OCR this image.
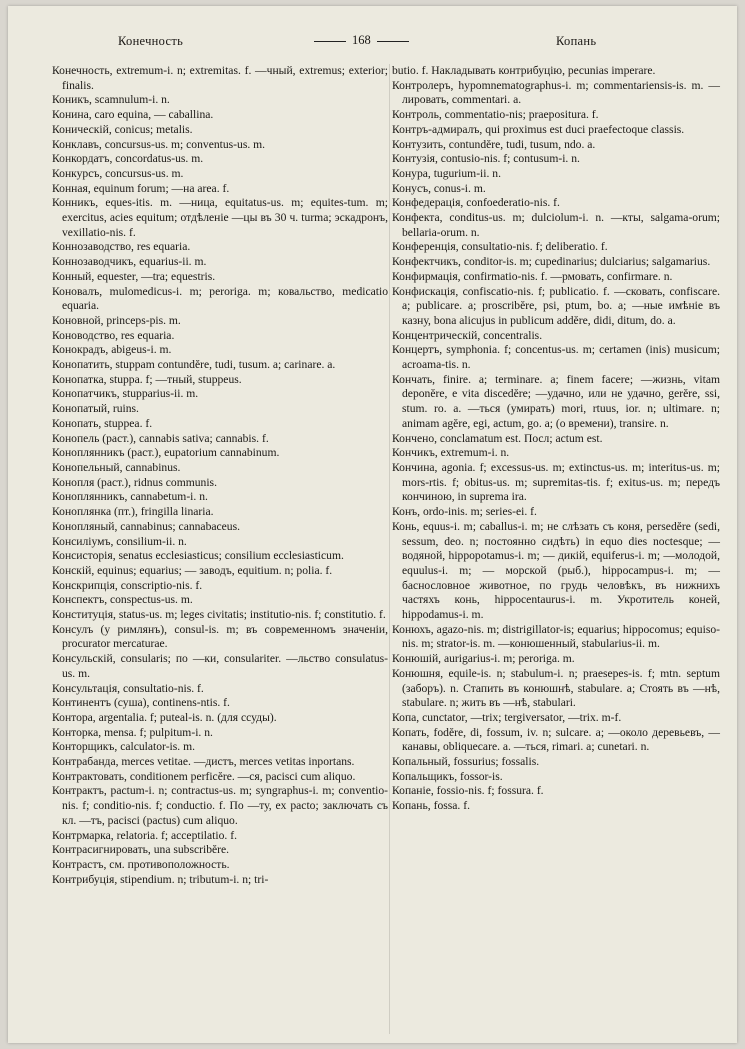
Конечность	168	Копань

Конечность, extremum-i. n; extremitas. f. —чный, extremus; exterior; finalis.

Коникъ, scamnulum-i. n.

Конина, caro equina, — caballina.

Коническій, conicus; metalis.

Конклавъ, concursus-us. m; conventus-us. m.

Конкордатъ, concordatus-us. m.

Конкурсъ, concursus-us. m.

Конная, equinum forum; —на area. f.

Конникъ, eques-itis. m. —ница, equitatus-us. m; equites-tum. m; exercitus, acies equitum; отдѣленіе —цы въ 30 ч. turma; эскадронъ, vexillatio-nis. f.

Коннозаводство, res equaria.

Коннозаводчикъ, equarius-ii. m.

Конный, equester, —tra; equestris.

Коновалъ, mulomedicus-i. m; peroriga. m; ковальство, medicatio equaria.

Коновной, princeps-pis. m.

Коноводство, res equaria.

Конокрадъ, abigeus-i. m.

Конопатить, stuppam contundĕre, tudi, tusum. a; carinare. a.

Конопатка, stuppa. f; —тный, stuppeus.

Конопатчикъ, stupparius-ii. m.

Конопатый, ruins.

Конопать, stuppea. f.

Конопель (раст.), cannabis sativa; cannabis. f.

Коноплянникъ (раст.), eupatorium cannabinum.

Конопельный, cannabinus.

Конопля (раст.), ridnus communis.

Коноплянникъ, cannabetum-i. n.

Коноплянка (пт.), fringilla linaria.

Конопляный, cannabinus; cannabaceus.

Консиліумъ, consilium-ii. n.

Консисторія, senatus ecclesiasticus; consilium ecclesiasticum.

Конскій, equinus; equarius; — заводъ, equitium. n; polia. f.

Конскрипція, conscriptio-nis. f.

Конспектъ, conspectus-us. m.

Конституція, status-us. m; leges civitatis; institutio-nis. f; constitutio. f.

Консулъ (у римлянъ), consul-is. m; въ современномъ значеніи, procurator mercaturae.

Консульскій, consularis; по —ки, consulariter. —льство consulatus-us. m.

Консультація, consultatio-nis. f.

Континентъ (суша), continens-ntis. f.

Контора, argentalia. f; puteal-is. n. (для ссуды).

Конторка, mensa. f; pulpitum-i. n.

Конторщикъ, calculator-is. m.

Контрабанда, merces vetitae. —дистъ, merces vetitas inportans.

Контрактовать, conditionem perficĕre. —ся, paciscі cum aliquo.

Контрактъ, pactum-i. n; contractus-us. m; syngraphus-i. m; conventio-nis. f; conditio-nis. f; conductio. f. По —ту, ex pacto; заключать съ кл. —тъ, pacisci (pactus) cum aliquo.

Контрмарка, relatoria. f; acceptilatio. f.

Контрасигнировать, una subscribĕre.

Контрастъ, см. противоположность.

Контрибуція, stipendium. n; tributum-i. n; tri-

butio. f. Накладывать контрибуцію, pecunias imperare.

Контролеръ, hypomnematographus-i. m; commentariensis-is. m. —лировать, commentari. a.

Контроль, commentatio-nis; praepositura. f.

Контръ-адмиралъ, qui proximus est duci praefectoque classis.

Контузить, contundĕre, tudi, tusum, ndo. a.

Контузія, contusio-nis. f; contusum-i. n.

Конура, tugurium-ii. n.

Конусъ, conus-i. m.

Конфедерація, confoederatio-nis. f.

Конфекта, conditus-us. m; dulciolum-i. n. —кты, salgama-orum; bellaria-orum. n.

Конференція, consultatio-nis. f; deliberatio. f.

Конфектчикъ, conditor-is. m; cupedinarius; dulciarius; salgamarius.

Конфирмація, confirmatio-nis. f. —рмовать, confirmare. n.

Конфискація, confiscatio-nis. f; publicatio. f. —сковать, confiscare. a; publicare. a; proscribĕre, psi, ptum, bo. a; —ные имѣніе въ казну, bona alicujus in publicum addĕre, didi, ditum, do. a.

Концентрическій, concentralis.

Концертъ, symphonia. f; concentus-us. m; certamen (inis) musicum; acroama-tis. n.

Кончать, finire. a; terminare. a; finem facere; —жизнь, vitam deponĕre, e vita discedĕre; —удачно, или не удачно, gerĕre, ssi, stum. ro. a. —ться (умирать) mori, rtuus, ior. n; ultimare. n; animam agĕre, egi, actum, go. a; (о времени), transire. n.

Кончено, conclamatum est. Посл; actum est.

Кончикъ, extremum-i. n.

Кончина, agonia. f; excessus-us. m; extinctus-us. m; interitus-us. m; mors-rtis. f; obitus-us. m; supremitas-tis. f; exitus-us. m; передъ кончиною, in suprema ira.

Конъ, ordo-inis. m; series-ei. f.

Конь, equus-i. m; caballus-i. m; не слѣзать съ коня, persedĕre (sedi, sessum, deo. n; постоянно сидѣть) in equo dies noctesque; —водяной, hippopotamus-i. m; — дикій, equiferus-i. m; —молодой, equulus-i. m; — морской (рыб.), hippocampus-i. m; —баснословное животное, по грудь человѣкъ, въ нижнихъ частяхъ конь, hippocentaurus-i. m. Укротитель коней, hippodamus-i. m.

Конюхъ, agazo-nis. m; distrigillator-is; equarius; hippocomus; equiso-nis. m; strator-is. m. —конюшенный, stabularius-ii. m.

Конюшій, aurigarius-i. m; peroriga. m.

Конюшня, equile-is. n; stabulum-i. n; praesepes-is. f; mtn. septum (заборъ). n. Стапить въ конюшнѣ, stabulare. a; Стоять въ —нѣ, stabulare. n; жить въ —нѣ, stabulari.

Копа, cunctator, —trix; tergiversator, —trix. m-f.

Копать, fodĕre, di, fossum, iv. n; sulcare. a; —около деревьевъ, — канавы, obliquecare. a. —ться, rimari. a; cunetari. n.

Копальный, fossurius; fossalis.

Копальщикъ, fossor-is.

Копаніе, fossio-nis. f; fossura. f.

Копань, fossa. f.
